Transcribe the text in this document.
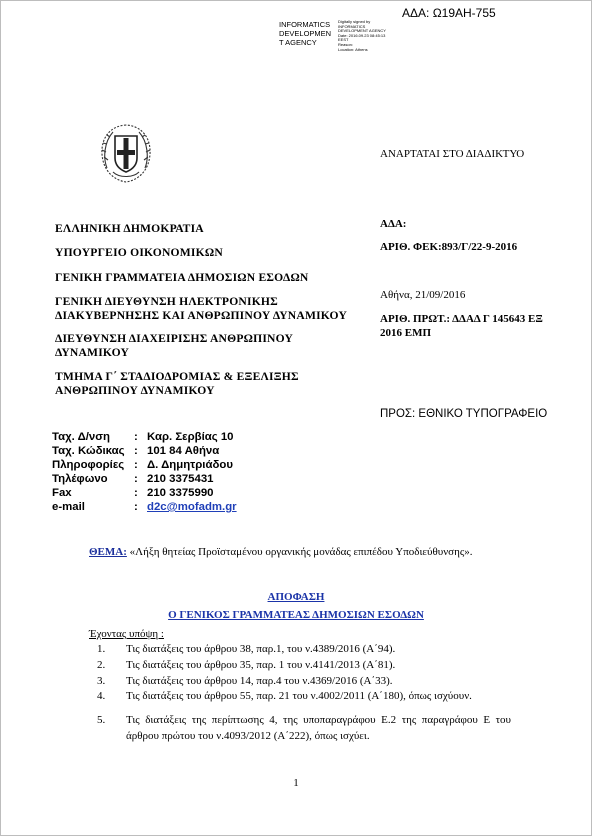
ΑΔΑ: Ω19ΑΗ-755
INFORMATICS DEVELOPMEN T AGENCY
Digitally signed by
INFORMATICS
DEVELOPMENT AGENCY
Date: 2016.09.23 08:45:13
EEST
Reason:
Location: Athens
ΕΛΛΗΝΙΚΗ ΔΗΜΟΚΡΑΤΙΑ
ΥΠΟΥΡΓΕΙΟ ΟΙΚΟΝΟΜΙΚΩΝ
ΓΕΝΙΚΗ ΓΡΑΜΜΑΤΕΙΑ ΔΗΜΟΣΙΩΝ ΕΣΟΔΩΝ
ΓΕΝΙΚΗ ΔΙΕΥΘΥΝΣΗ ΗΛΕΚΤΡΟΝΙΚΗΣ
ΔΙΑΚΥΒΕΡΝΗΣΗΣ ΚΑΙ ΑΝΘΡΩΠΙΝΟΥ ΔΥΝΑΜΙΚΟΥ
ΔΙΕΥΘΥΝΣΗ ΔΙΑΧΕΙΡΙΣΗΣ ΑΝΘΡΩΠΙΝΟΥ
ΔΥΝΑΜΙΚΟΥ
ΤΜΗΜΑ Γ΄ ΣΤΑΔΙΟΔΡΟΜΙΑΣ & ΕΞΕΛΙΞΗΣ
ΑΝΘΡΩΠΙΝΟΥ ΔΥΝΑΜΙΚΟΥ
ΑΝΑΡΤΑΤΑΙ ΣΤΟ ΔΙΑΔΙΚΤΥΟ
ΑΔΑ:
ΑΡΙΘ. ΦΕΚ:893/Γ/22-9-2016
Αθήνα, 21/09/2016
ΑΡΙΘ. ΠΡΩΤ.: ΔΔΑΔ Γ 145643 ΕΞ
2016 ΕΜΠ
ΠΡΟΣ: ΕΘΝΙΚΟ ΤΥΠΟΓΡΑΦΕΙΟ
Ταχ. Δ/νση : Καρ. Σερβίας 10
Ταχ. Κώδικας : 101 84 Αθήνα
Πληροφορίες : Δ. Δημητριάδου
Τηλέφωνο : 210 3375431
Fax	: 210 3375990
e-mail	: d2c@mofadm.gr
ΘΕΜΑ: «Λήξη θητείας Προϊσταμένου οργανικής μονάδας επιπέδου Υποδιεύθυνσης».
ΑΠΟΦΑΣΗ
Ο ΓΕΝΙΚΟΣ ΓΡΑΜΜΑΤΕΑΣ ΔΗΜΟΣΙΩΝ ΕΣΟΔΩΝ
Έχοντας υπόψη :
1. Τις διατάξεις του άρθρου 38, παρ.1, του ν.4389/2016 (Α΄94).
2. Τις διατάξεις του άρθρου 35, παρ. 1 του ν.4141/2013 (Α΄81).
3. Τις διατάξεις του άρθρου 14, παρ.4 του ν.4369/2016 (Α΄33).
4. Τις διατάξεις του άρθρου 55, παρ. 21 του ν.4002/2011 (Α΄180), όπως ισχύουν.
5. Τις διατάξεις της περίπτωσης 4, της υποπαραγράφου Ε.2 της παραγράφου Ε του άρθρου πρώτου του ν.4093/2012 (Α΄222), όπως ισχύει.
1
